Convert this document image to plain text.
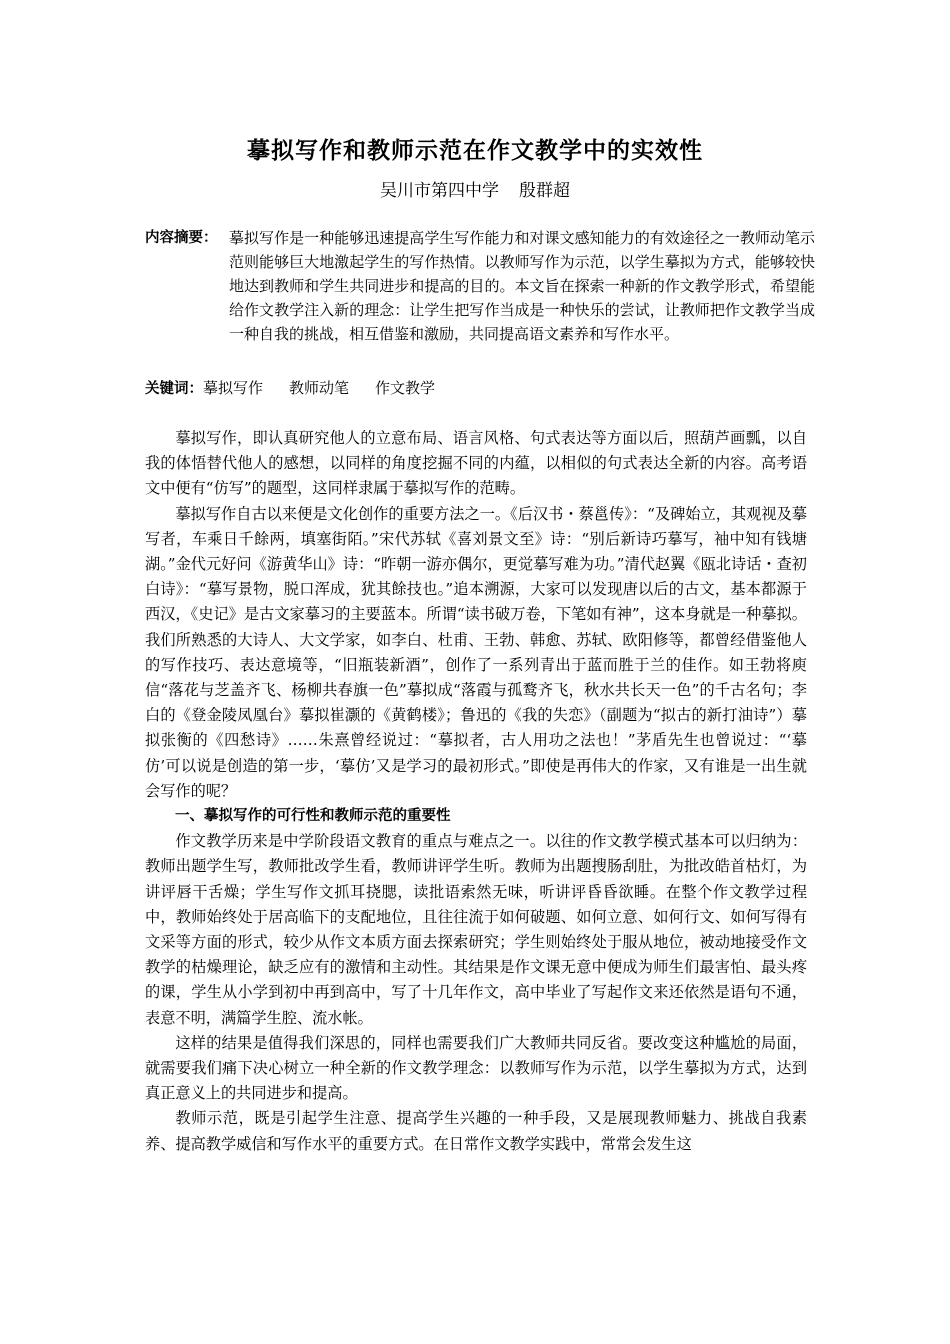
摹拟写作和教师示范在作文教学中的实效性
吴川市第四中学 殷群超
内容摘要： 摹拟写作是一种能够迅速提高学生写作能力和对课文感知能力的有效途径之一教师动笔示范则能够巨大地激起学生的写作热情。以教师写作为示范，以学生摹拟为方式，能够较快地达到教师和学生共同进步和提高的目的。本文旨在探索一种新的作文教学形式，希望能给作文教学注入新的理念：让学生把写作当成是一种快乐的尝试，让教师把作文教学当成一种自我的挑战，相互借鉴和激励，共同提高语文素养和写作水平。
关键词：摹拟写作 教师动笔 作文教学

摹拟写作，即认真研究他人的立意布局、语言风格、句式表达等方面以后，照葫芦画瓢，以自我的体悟替代他人的感想，以同样的角度挖掘不同的内蕴，以相似的句式表达全新的内容。高考语文中便有“仿写”的题型，这同样隶属于摹拟写作的范畴。

摹拟写作自古以来便是文化创作的重要方法之一。《后汉书・蔡邕传》：“及碑始立，其观视及摹写者，车乘日千餘两，填塞街陌。”宋代苏轼《喜刘景文至》诗：“别后新诗巧摹写，袖中知有钱塘湖。”金代元好问《游黄华山》诗：“昨朝一游亦偶尔，更觉摹写难为功。”清代赵翼《瓯北诗话・查初白诗》：“摹写景物，脱口浑成，犹其餘技也。”追本溯源，大家可以发现唐以后的古文，基本都源于西汉，《史记》是古文家摹习的主要蓝本。所谓“读书破万卷，下笔如有神”，这本身就是一种摹拟。我们所熟悉的大诗人、大文学家，如李白、杜甫、王勃、韩愈、苏轼、欧阳修等，都曾经借鉴他人的写作技巧、表达意境等，“旧瓶装新酒”，创作了一系列青出于蓝而胜于兰的佳作。如王勃将庾信“落花与芝盖齐飞、杨柳共春旗一色”摹拟成“落霞与孤鹜齐飞，秋水共长天一色”的千古名句；李白的《登金陵凤凰台》摹拟崔灏的《黄鹤楼》；鲁迅的《我的失恋》（副题为“拟古的新打油诗”）摹拟张衡的《四愁诗》……朱熹曾经说过：“摹拟者，古人用功之法也！”茅盾先生也曾说过：“‘摹仿’可以说是创造的第一步，‘摹仿’又是学习的最初形式。”即使是再伟大的作家，又有谁是一出生就会写作的呢？

一、摹拟写作的可行性和教师示范的重要性

作文教学历来是中学阶段语文教育的重点与难点之一。以往的作文教学模式基本可以归纳为：教师出题学生写，教师批改学生看，教师讲评学生听。教师为出题搜肠刮肚，为批改皓首枯灯，为讲评唇干舌燥；学生写作文抓耳挠腮，读批语索然无味，听讲评昏昏欲睡。在整个作文教学过程中，教师始终处于居高临下的支配地位，且往往流于如何破题、如何立意、如何行文、如何写得有文采等方面的形式，较少从作文本质方面去探索研究；学生则始终处于服从地位，被动地接受作文教学的枯燥理论，缺乏应有的激情和主动性。其结果是作文课无意中便成为师生们最害怕、最头疼的课，学生从小学到初中再到高中，写了十几年作文，高中毕业了写起作文来还依然是语句不通，表意不明，满篇学生腔、流水帐。

这样的结果是值得我们深思的，同样也需要我们广大教师共同反省。要改变这种尴尬的局面，就需要我们痛下决心树立一种全新的作文教学理念：以教师写作为示范，以学生摹拟为方式，达到真正意义上的共同进步和提高。

教师示范，既是引起学生注意、提高学生兴趣的一种手段，又是展现教师魅力、挑战自我素养、提高教学威信和写作水平的重要方式。在日常作文教学实践中，常常会发生这
